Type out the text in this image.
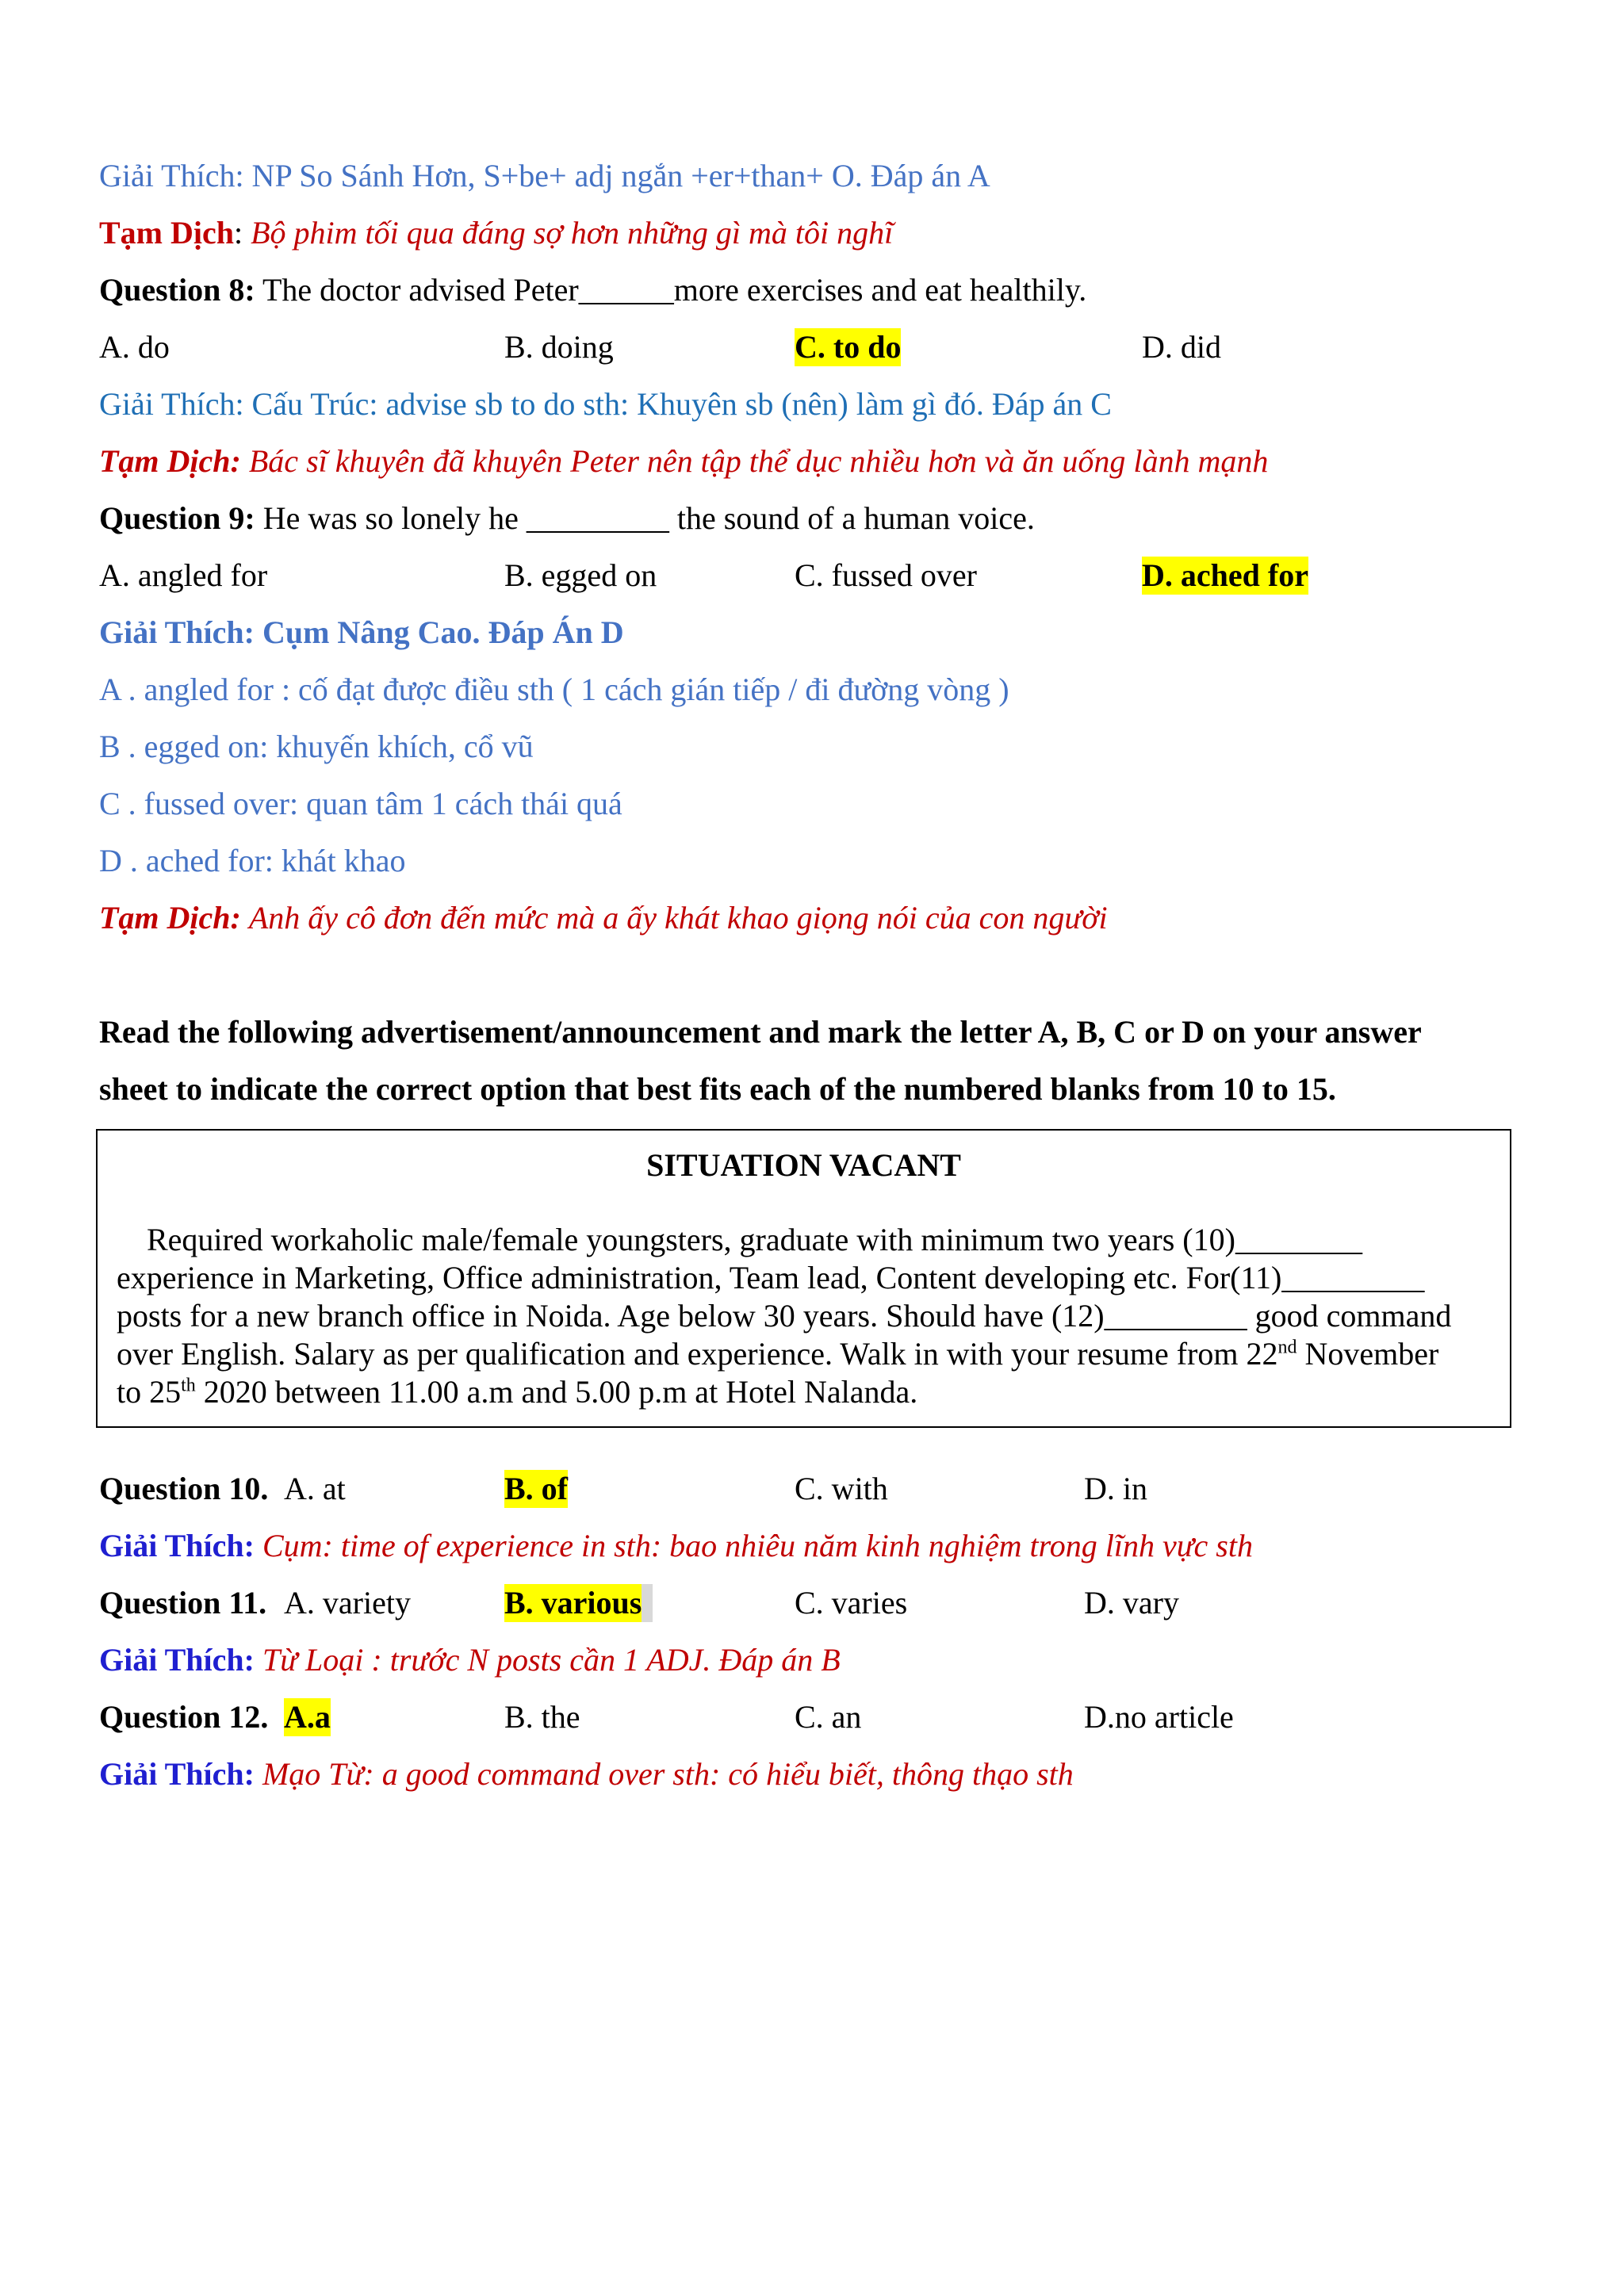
Giải Thích: NP So Sánh Hơn, S+be+ adj ngắn +er+than+ O. Đáp án A
Tạm Dịch: Bộ phim tối qua đáng sợ hơn những gì mà tôi nghĩ
Question 8: The doctor advised Peter______more exercises and eat healthily.
A. do	B. doing	C. to do	D. did
Giải Thích: Cấu Trúc: advise sb to do sth: Khuyên sb (nên) làm gì đó. Đáp án C
Tạm Dịch: Bác sĩ khuyên đã khuyên Peter nên tập thể dục nhiều hơn và ăn uống lành mạnh
Question 9: He was so lonely he _________ the sound of a human voice.
A. angled for	B. egged on	C. fussed over	D. ached for
Giải Thích: Cụm Nâng Cao. Đáp Án D
A . angled for : cố đạt được điều sth ( 1 cách gián tiếp / đi đường vòng )
B . egged on: khuyến khích, cổ vũ
C . fussed over: quan tâm 1 cách thái quá
D . ached for: khát khao
Tạm Dịch: Anh ấy cô đơn đến mức mà a ấy khát khao giọng nói của con người
Read the following advertisement/announcement and mark the letter A, B, C or D on your answer
sheet to indicate the correct option that best fits each of the numbered blanks from 10 to 15.
SITUATION VACANT
Required workaholic male/female youngsters, graduate with minimum two years (10)________
experience in Marketing, Office administration, Team lead, Content developing etc. For(11)_________
posts for a new branch office in Noida. Age below 30 years. Should have (12)_________ good command
over English. Salary as per qualification and experience. Walk in with your resume from 22nd November
to 25th 2020 between 11.00 a.m and 5.00 p.m at Hotel Nalanda.
Question 10. A. at	B. of	C. with	D. in
Giải Thích: Cụm: time of experience in sth: bao nhiêu năm kinh nghiệm trong lĩnh vực sth
Question 11. A. variety	B. various	C. varies	D. vary
Giải Thích: Từ Loại : trước N posts cần 1 ADJ. Đáp án B
Question 12. A.a	B. the	C. an	D.no article
Giải Thích: Mạo Từ: a good command over sth: có hiểu biết, thông thạo sth
